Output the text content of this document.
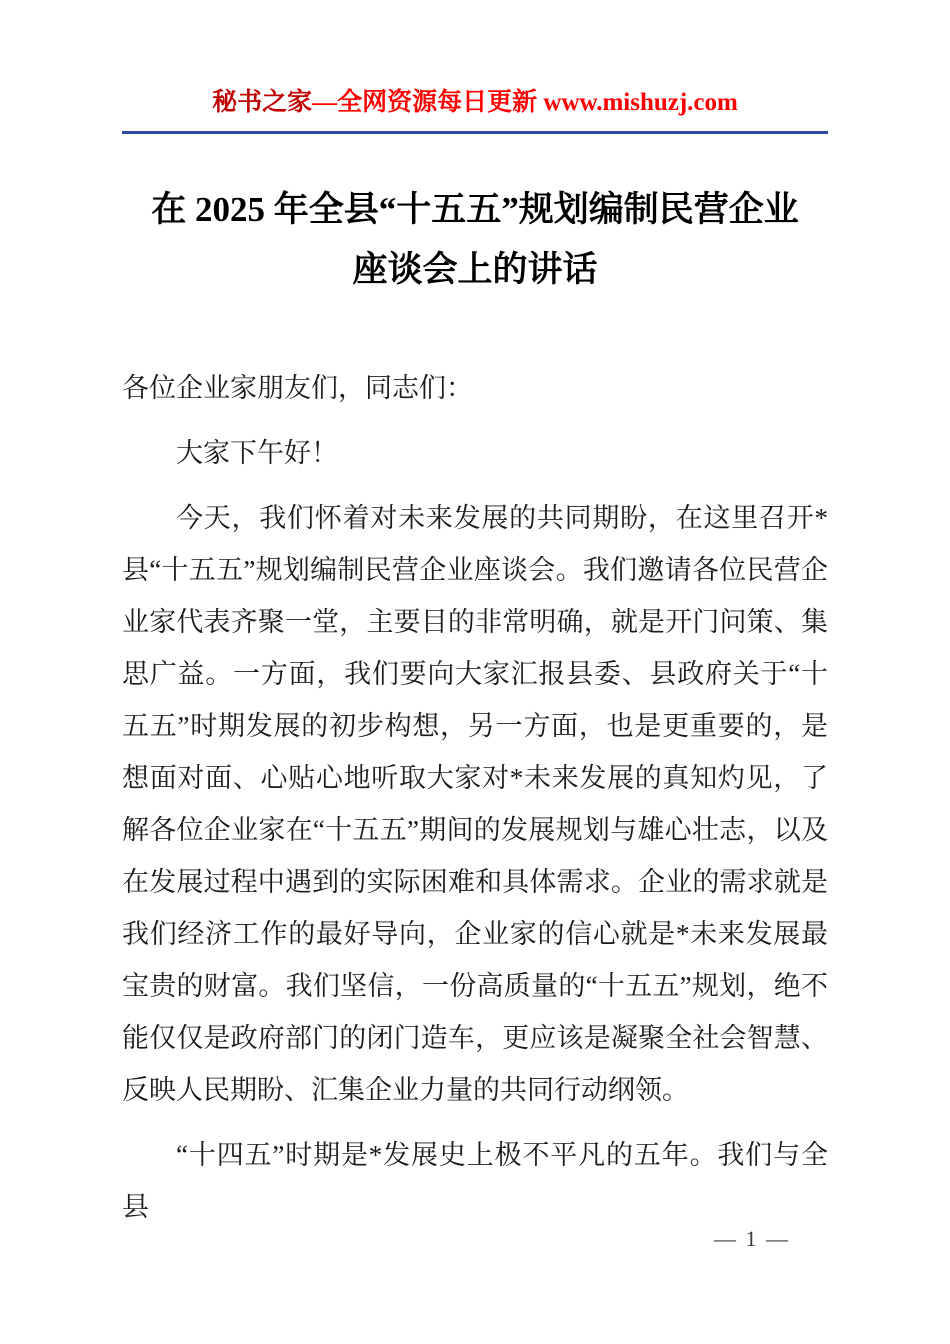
秘书之家—全网资源每日更新 www.mishuzj.com
在 2025 年全县“十五五”规划编制民营企业
座谈会上的讲话

各位企业家朋友们，同志们：

大家下午好！

今天，我们怀着对未来发展的共同期盼，在这里召开*县“十五五”规划编制民营企业座谈会。我们邀请各位民营企业家代表齐聚一堂，主要目的非常明确，就是开门问策、集思广益。一方面，我们要向大家汇报县委、县政府关于“十五五”时期发展的初步构想，另一方面，也是更重要的，是想面对面、心贴心地听取大家对*未来发展的真知灼见，了解各位企业家在“十五五”期间的发展规划与雄心壮志，以及在发展过程中遇到的实际困难和具体需求。企业的需求就是我们经济工作的最好导向，企业家的信心就是*未来发展最宝贵的财富。我们坚信，一份高质量的“十五五”规划，绝不能仅仅是政府部门的闭门造车，更应该是凝聚全社会智慧、反映人民期盼、汇集企业力量的共同行动纲领。

“十四五”时期是*发展史上极不平凡的五年。我们与全县

— 1 —
